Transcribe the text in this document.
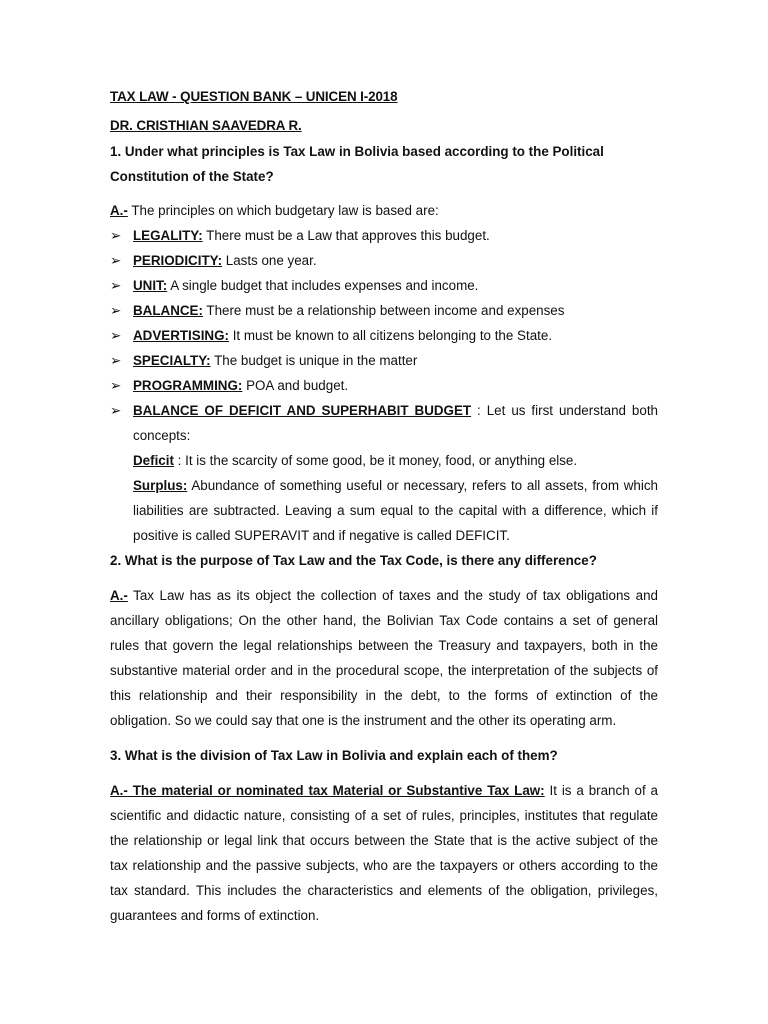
TAX LAW - QUESTION BANK – UNICEN I-2018
DR. CRISTHIAN SAAVEDRA R.
1. Under what principles is Tax Law in Bolivia based according to the Political Constitution of the State?
A.- The principles on which budgetary law is based are:
➢ LEGALITY: There must be a Law that approves this budget.
➢ PERIODICITY: Lasts one year.
➢ UNIT: A single budget that includes expenses and income.
➢ BALANCE: There must be a relationship between income and expenses
➢ ADVERTISING: It must be known to all citizens belonging to the State.
➢ SPECIALTY: The budget is unique in the matter
➢ PROGRAMMING: POA and budget.
➢ BALANCE OF DEFICIT AND SUPERHABIT BUDGET : Let us first understand both concepts:
Deficit : It is the scarcity of some good, be it money, food, or anything else.
Surplus: Abundance of something useful or necessary, refers to all assets, from which liabilities are subtracted. Leaving a sum equal to the capital with a difference, which if positive is called SUPERAVIT and if negative is called DEFICIT.
2. What is the purpose of Tax Law and the Tax Code, is there any difference?
A.- Tax Law has as its object the collection of taxes and the study of tax obligations and ancillary obligations; On the other hand, the Bolivian Tax Code contains a set of general rules that govern the legal relationships between the Treasury and taxpayers, both in the substantive material order and in the procedural scope, the interpretation of the subjects of this relationship and their responsibility in the debt, to the forms of extinction of the obligation. So we could say that one is the instrument and the other its operating arm.
3. What is the division of Tax Law in Bolivia and explain each of them?
A.- The material or nominated tax Material or Substantive Tax Law: It is a branch of a scientific and didactic nature, consisting of a set of rules, principles, institutes that regulate the relationship or legal link that occurs between the State that is the active subject of the tax relationship and the passive subjects, who are the taxpayers or others according to the tax standard. This includes the characteristics and elements of the obligation, privileges, guarantees and forms of extinction.
